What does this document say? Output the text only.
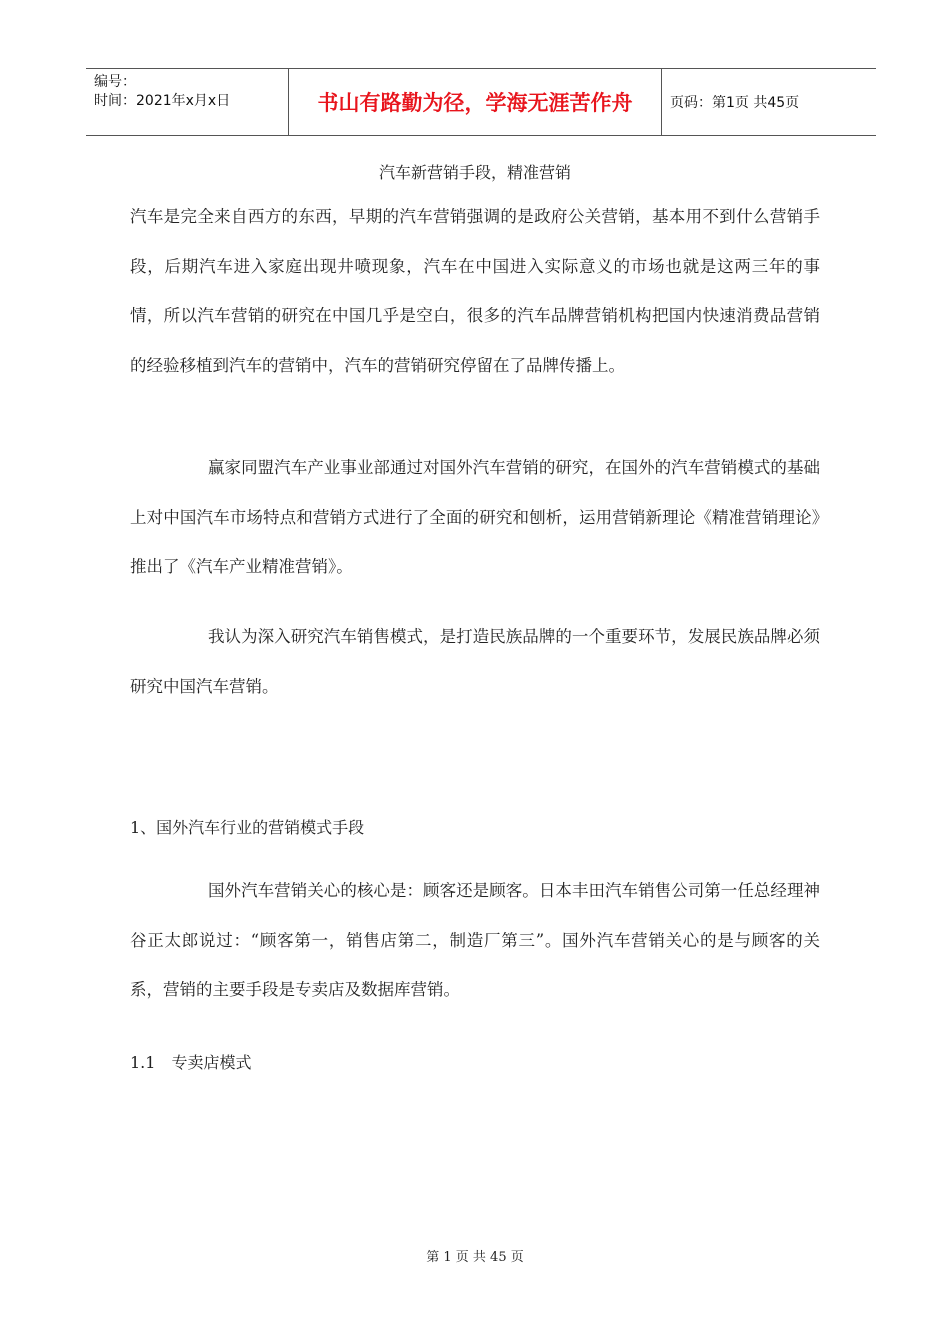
编号：
时间：2021年x月x日	书山有路勤为径，学海无涯苦作舟	页码：第1页 共45页
汽车新营销手段，精准营销

汽车是完全来自西方的东西，早期的汽车营销强调的是政府公关营销，基本用不到什么营销手段，后期汽车进入家庭出现井喷现象，汽车在中国进入实际意义的市场也就是这两三年的事情，所以汽车营销的研究在中国几乎是空白，很多的汽车品牌营销机构把国内快速消费品营销的经验移植到汽车的营销中，汽车的营销研究停留在了品牌传播上。

赢家同盟汽车产业事业部通过对国外汽车营销的研究，在国外的汽车营销模式的基础上对中国汽车市场特点和营销方式进行了全面的研究和刨析，运用营销新理论《精准营销理论》推出了《汽车产业精准营销》。

我认为深入研究汽车销售模式，是打造民族品牌的一个重要环节，发展民族品牌必须研究中国汽车营销。

1、国外汽车行业的营销模式手段

国外汽车营销关心的核心是：顾客还是顾客。日本丰田汽车销售公司第一任总经理神谷正太郎说过：“顾客第一，销售店第二，制造厂第三”。国外汽车营销关心的是与顾客的关系，营销的主要手段是专卖店及数据库营销。

1.1　专卖店模式

第 1 页 共 45 页
